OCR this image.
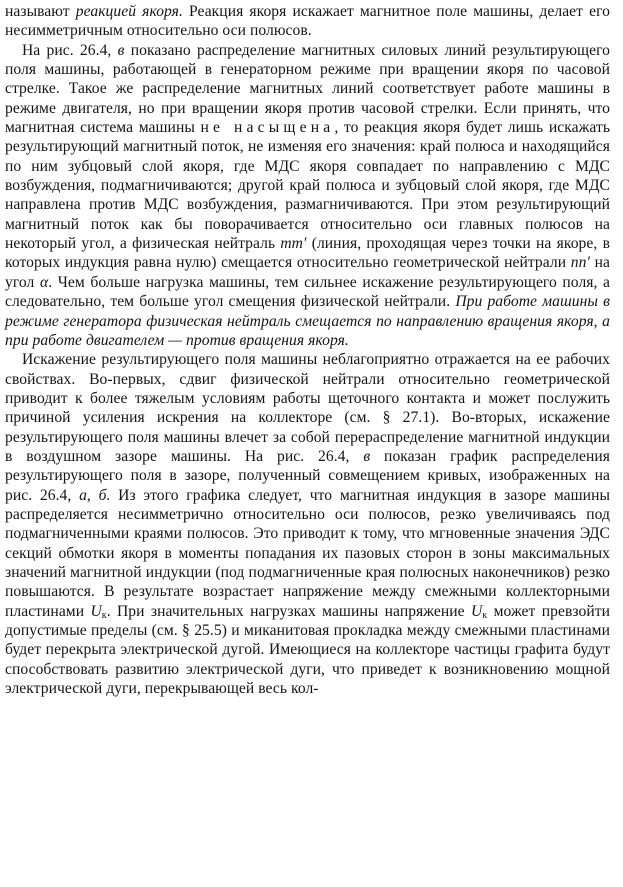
называют реакцией якоря. Реакция якоря искажает магнитное поле машины, делает его несимметричным относительно оси полюсов.

На рис. 26.4, в показано распределение магнитных силовых линий результирующего поля машины, работающей в генераторном режиме при вращении якоря по часовой стрелке. Такое же распределение магнитных линий соответствует работе машины в режиме двигателя, но при вращении якоря против часовой стрелки. Если принять, что магнитная система машины не насыщена, то реакция якоря будет лишь искажать результирующий магнитный поток, не изменяя его значения: край полюса и находящийся по ним зубцовый слой якоря, где МДС якоря совпадает по направлению с МДС возбуждения, подмагничиваются; другой край полюса и зубцовый слой якоря, где МДС направлена против МДС возбуждения, размагничиваются. При этом результирующий магнитный поток как бы поворачивается относительно оси главных полюсов на некоторый угол, а физическая нейтраль mm′ (линия, проходящая через точки на якоре, в которых индукция равна нулю) смещается относительно геометрической нейтрали nn′ на угол α. Чем больше нагрузка машины, тем сильнее искажение результирующего поля, а следовательно, тем больше угол смещения физической нейтрали. При работе машины в режиме генератора физическая нейтраль смещается по направлению вращения якоря, а при работе двигателем — против вращения якоря.

Искажение результирующего поля машины неблагоприятно отражается на ее рабочих свойствах. Во-первых, сдвиг физической нейтрали относительно геометрической приводит к более тяжелым условиям работы щеточного контакта и может послужить причиной усиления искрения на коллекторе (см. § 27.1). Во-вторых, искажение результирующего поля машины влечет за собой перераспределение магнитной индукции в воздушном зазоре машины. На рис. 26.4, в показан график распределения результирующего поля в зазоре, полученный совмещением кривых, изображенных на рис. 26.4, а, б. Из этого графика следует, что магнитная индукция в зазоре машины распределяется несимметрично относительно оси полюсов, резко увеличиваясь под подмагниченными краями полюсов. Это приводит к тому, что мгновенные значения ЭДС секций обмотки якоря в моменты попадания их пазовых сторон в зоны максимальных значений магнитной индукции (под подмагниченные края полюсных наконечников) резко повышаются. В результате возрастает напряжение между смежными коллекторными пластинами $U_к$. При значительных нагрузках машины напряжение $U_к$ может превзойти допустимые пределы (см. § 25.5) и миканитовая прокладка между смежными пластинами будет перекрыта электрической дугой. Имеющиеся на коллекторе частицы графита будут способствовать развитию электрической дуги, что приведет к возникновению мощной электрической дуги, перекрывающей весь кол-
